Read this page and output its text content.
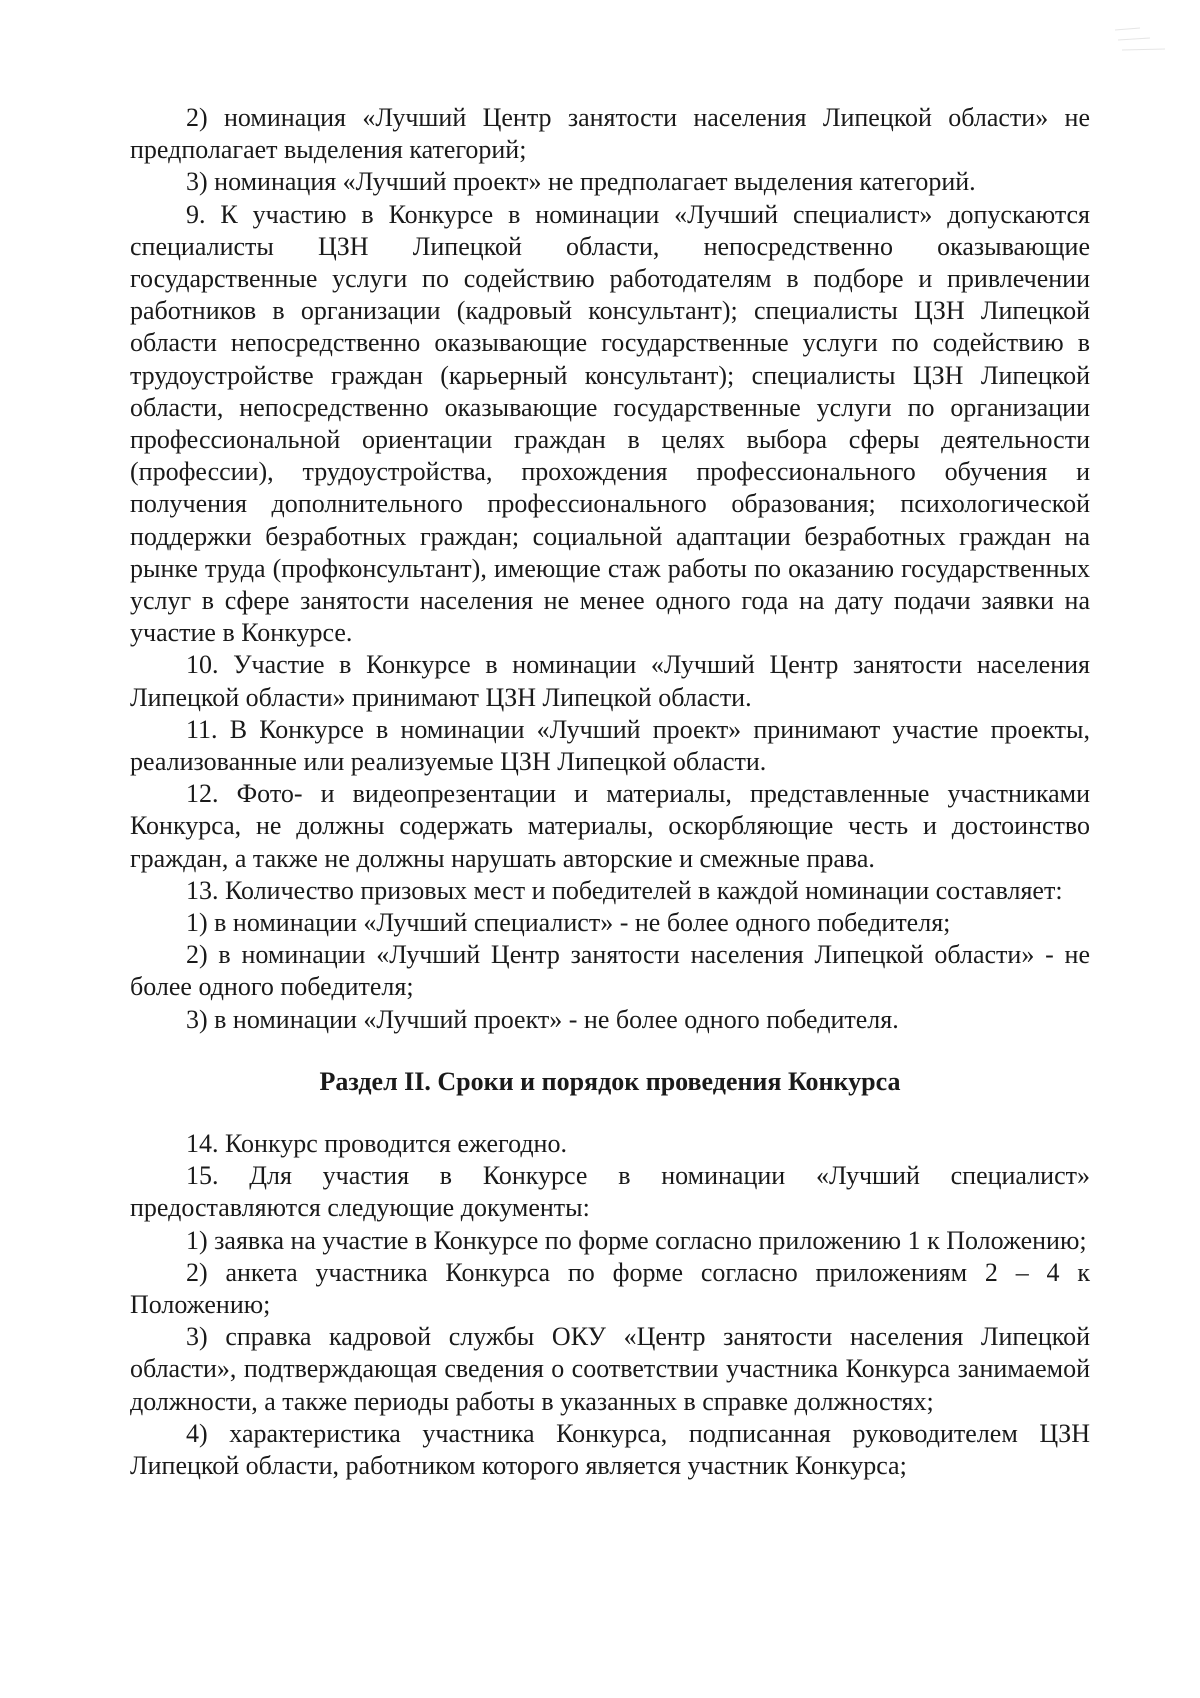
2) номинация «Лучший Центр занятости населения Липецкой области» не предполагает выделения категорий;

3) номинация «Лучший проект» не предполагает выделения категорий.

9. К участию в Конкурсе в номинации «Лучший специалист» допускаются специалисты ЦЗН Липецкой области, непосредственно оказывающие государственные услуги по содействию работодателям в подборе и привлечении работников в организации (кадровый консультант); специалисты ЦЗН Липецкой области непосредственно оказывающие государственные услуги по содействию в трудоустройстве граждан (карьерный консультант); специалисты ЦЗН Липецкой области, непосредственно оказывающие государственные услуги по организации профессиональной ориентации граждан в целях выбора сферы деятельности (профессии), трудоустройства, прохождения профессионального обучения и получения дополнительного профессионального образования; психологической поддержки безработных граждан; социальной адаптации безработных граждан на рынке труда (профконсультант), имеющие стаж работы по оказанию государственных услуг в сфере занятости населения не менее одного года на дату подачи заявки на участие в Конкурсе.

10. Участие в Конкурсе в номинации «Лучший Центр занятости населения Липецкой области» принимают ЦЗН Липецкой области.

11. В Конкурсе в номинации «Лучший проект» принимают участие проекты, реализованные или реализуемые ЦЗН Липецкой области.

12. Фото- и видеопрезентации и материалы, представленные участниками Конкурса, не должны содержать материалы, оскорбляющие честь и достоинство граждан, а также не должны нарушать авторские и смежные права.

13. Количество призовых мест и победителей в каждой номинации составляет:

1) в номинации «Лучший специалист» - не более одного победителя;

2) в номинации «Лучший Центр занятости населения Липецкой области» - не более одного победителя;

3) в номинации «Лучший проект» - не более одного победителя.

Раздел II. Сроки и порядок проведения Конкурса

14. Конкурс проводится ежегодно.

15. Для участия в Конкурсе в номинации «Лучший специалист» предоставляются следующие документы:

1) заявка на участие в Конкурсе по форме согласно приложению 1 к Положению;

2) анкета участника Конкурса по форме согласно приложениям 2 – 4 к Положению;

3) справка кадровой службы ОКУ «Центр занятости населения Липецкой области», подтверждающая сведения о соответствии участника Конкурса занимаемой должности, а также периоды работы в указанных в справке должностях;

4) характеристика участника Конкурса, подписанная руководителем ЦЗН Липецкой области, работником которого является участник Конкурса;
